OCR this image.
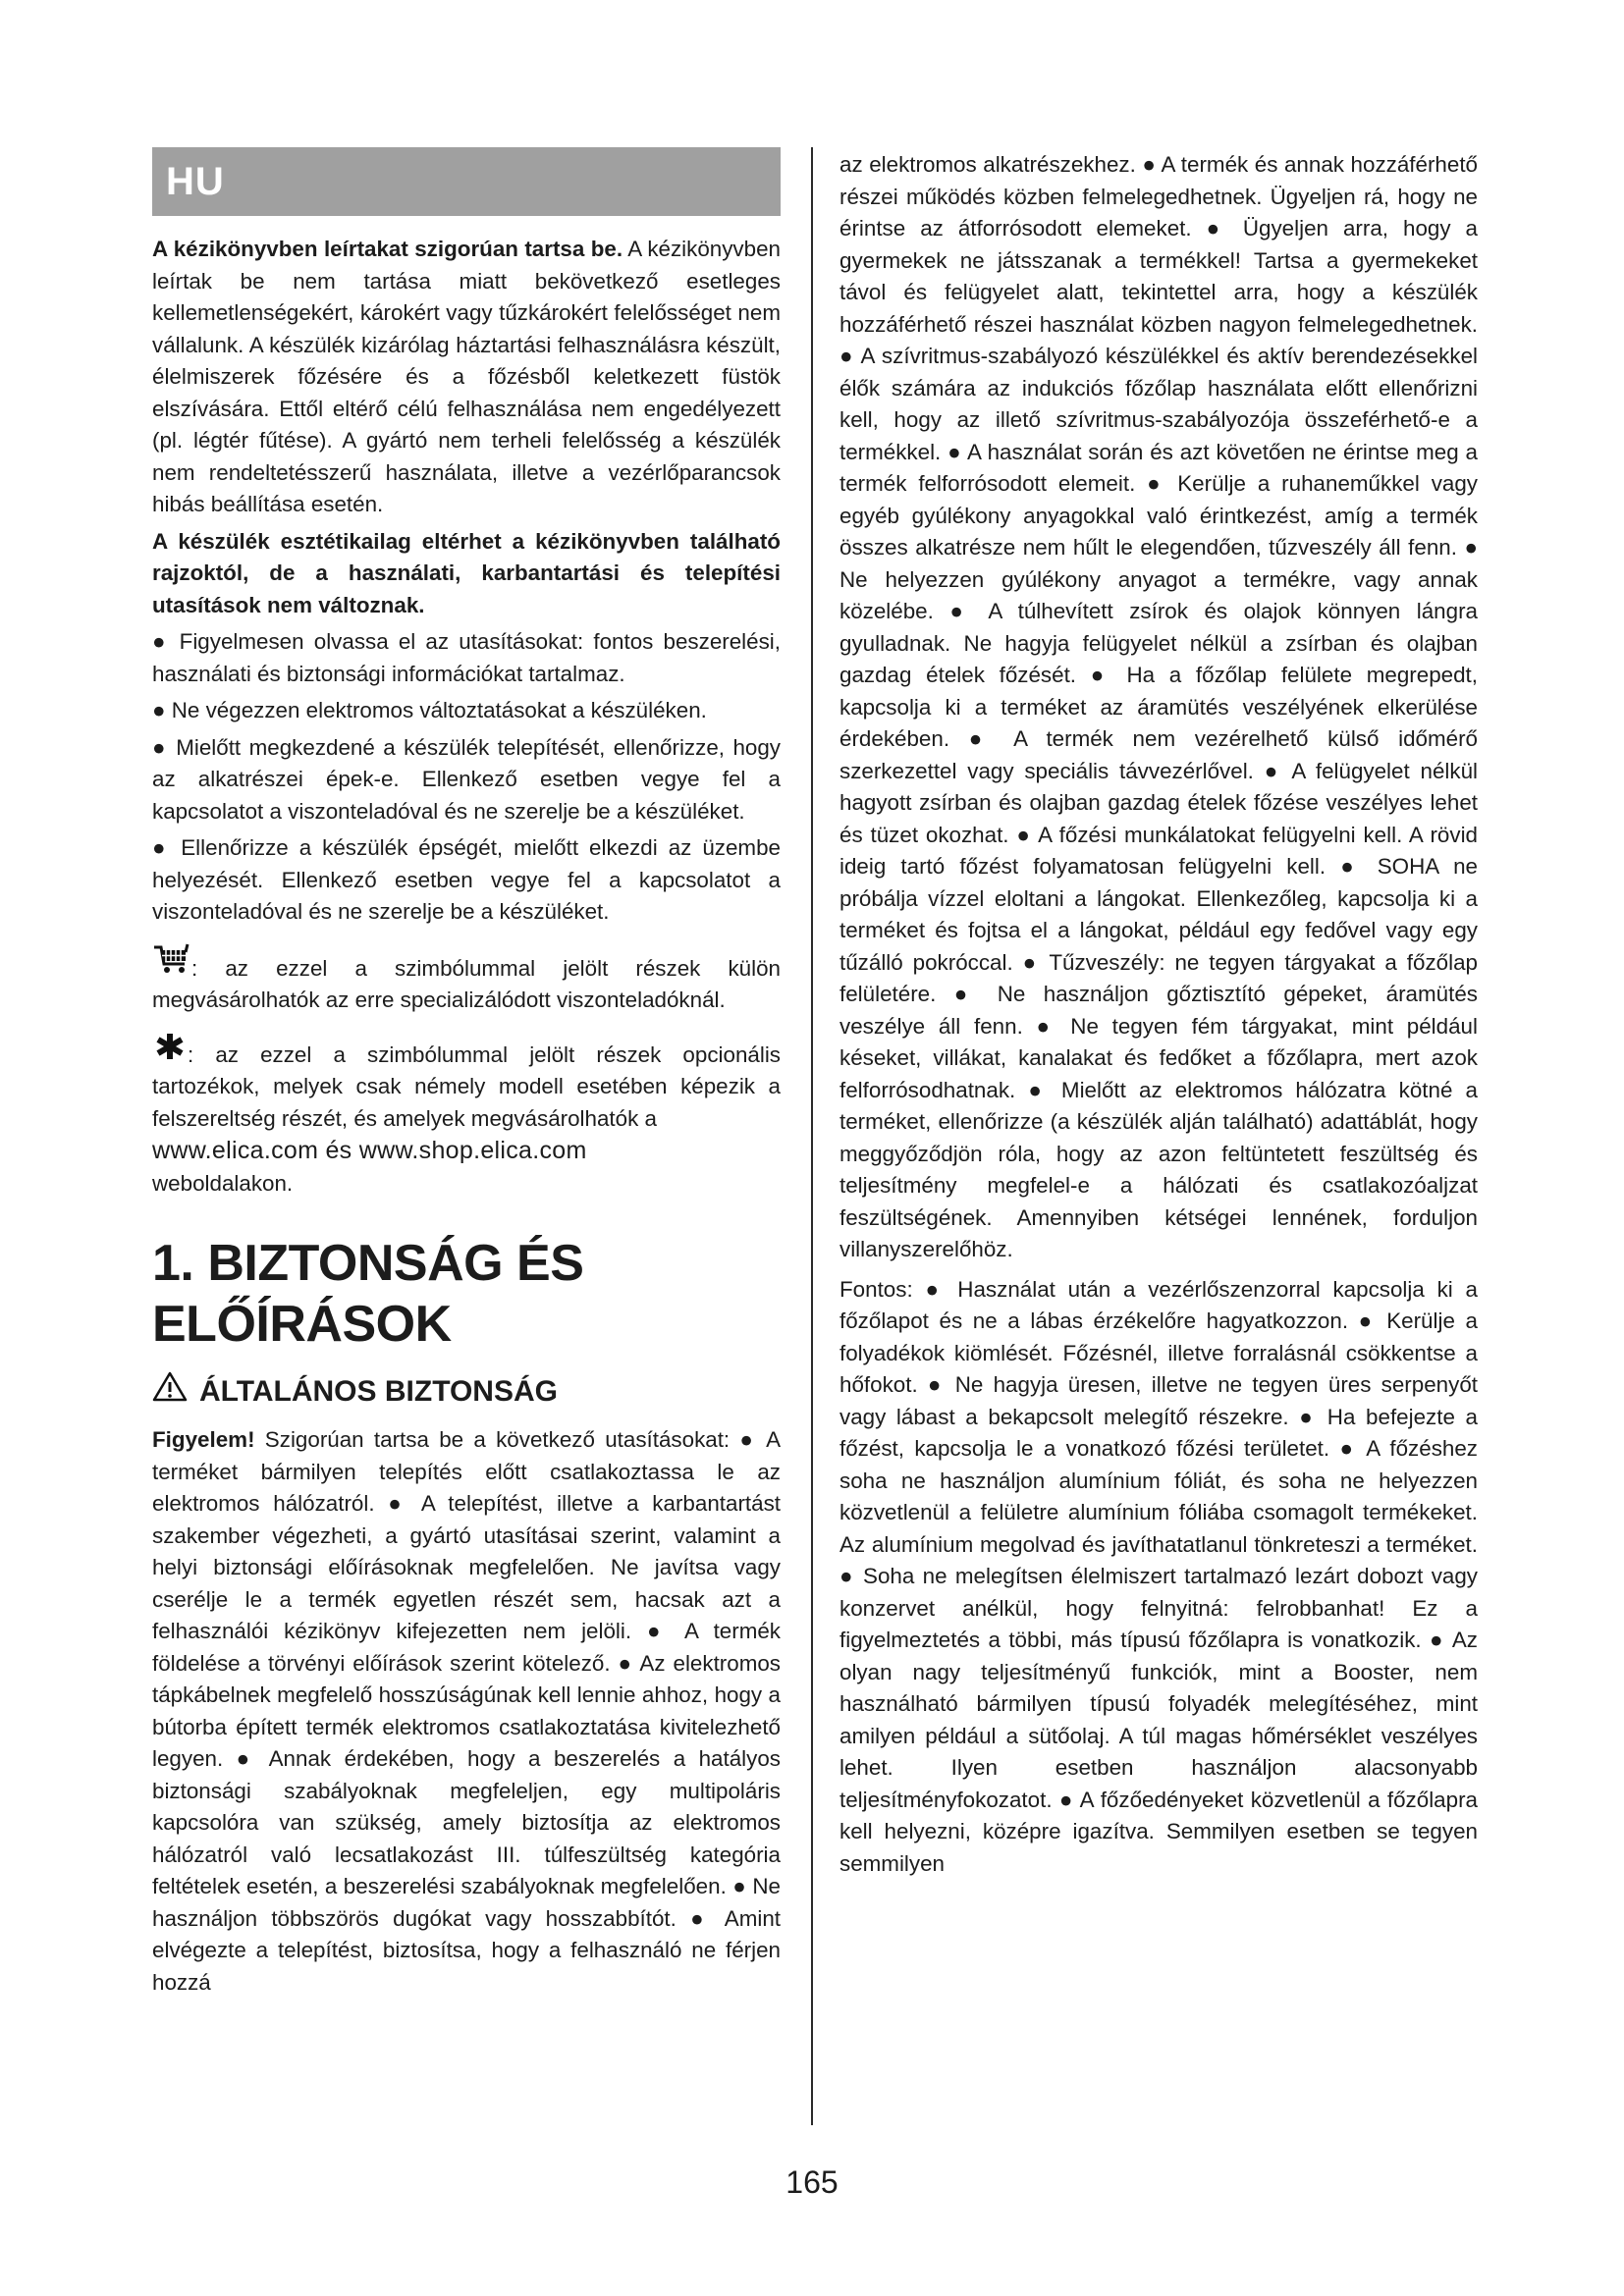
HU

A kézikönyvben leírtakat szigorúan tartsa be. A kézikönyvben leírtak be nem tartása miatt bekövetkező esetleges kellemetlenségekért, károkért vagy tűzkárokért felelősséget nem vállalunk. A készülék kizárólag háztartási felhasználásra készült, élelmiszerek főzésére és a főzésből keletkezett füstök elszívására. Ettől eltérő célú felhasználása nem engedélyezett (pl. légtér fűtése). A gyártó nem terheli felelősség a készülék nem rendeltetésszerű használata, illetve a vezérlőparancsok hibás beállítása esetén.

A készülék esztétikailag eltérhet a kézikönyvben található rajzoktól, de a használati, karbantartási és telepítési utasítások nem változnak.

● Figyelmesen olvassa el az utasításokat: fontos beszerelési, használati és biztonsági információkat tartalmaz.

● Ne végezzen elektromos változtatásokat a készüléken.

● Mielőtt megkezdené a készülék telepítését, ellenőrizze, hogy az alkatrészei épek-e. Ellenkező esetben vegye fel a kapcsolatot a viszonteladóval és ne szerelje be a készüléket.

● Ellenőrizze a készülék épségét, mielőtt elkezdi az üzembe helyezését. Ellenkező esetben vegye fel a kapcsolatot a viszonteladóval és ne szerelje be a készüléket.

: az ezzel a szimbólummal jelölt részek külön megvásárolhatók az erre specializálódott viszonteladóknál.

: az ezzel a szimbólummal jelölt részek opcionális tartozékok, melyek csak némely modell esetében képezik a felszereltség részét, és amelyek megvásárolhatók a
www.elica.com és www.shop.elica.com
weboldalakon.

1. BIZTONSÁG ÉS ELŐÍRÁSOK
ÁLTALÁNOS BIZTONSÁG

Figyelem! Szigorúan tartsa be a következő utasításokat: ● A terméket bármilyen telepítés előtt csatlakoztassa le az elektromos hálózatról. ● A telepítést, illetve a karbantartást szakember végezheti, a gyártó utasításai szerint, valamint a helyi biztonsági előírásoknak megfelelően. Ne javítsa vagy cserélje le a termék egyetlen részét sem, hacsak azt a felhasználói kézikönyv kifejezetten nem jelöli. ● A termék földelése a törvényi előírások szerint kötelező. ● Az elektromos tápkábelnek megfelelő hosszúságúnak kell lennie ahhoz, hogy a bútorba épített termék elektromos csatlakoztatása kivitelezhető legyen. ● Annak érdekében, hogy a beszerelés a hatályos biztonsági szabályoknak megfeleljen, egy multipoláris kapcsolóra van szükség, amely biztosítja az elektromos hálózatról való lecsatlakozást III. túlfeszültség kategória feltételek esetén, a beszerelési szabályoknak megfelelően. ● Ne használjon többszörös dugókat vagy hosszabbítót. ● Amint elvégezte a telepítést, biztosítsa, hogy a felhasználó ne férjen hozzá

az elektromos alkatrészekhez. ● A termék és annak hozzáférhető részei működés közben felmelegedhetnek. Ügyeljen rá, hogy ne érintse az átforrósodott elemeket. ● Ügyeljen arra, hogy a gyermekek ne játsszanak a termékkel! Tartsa a gyermekeket távol és felügyelet alatt, tekintettel arra, hogy a készülék hozzáférhető részei használat közben nagyon felmelegedhetnek. ● A szívritmus-szabályozó készülékkel és aktív berendezésekkel élők számára az indukciós főzőlap használata előtt ellenőrizni kell, hogy az illető szívritmus-szabályozója összeférhető-e a termékkel. ● A használat során és azt követően ne érintse meg a termék felforrósodott elemeit. ● Kerülje a ruhaneműkkel vagy egyéb gyúlékony anyagokkal való érintkezést, amíg a termék összes alkatrésze nem hűlt le elegendően, tűzveszély áll fenn. ● Ne helyezzen gyúlékony anyagot a termékre, vagy annak közelébe. ● A túlhevített zsírok és olajok könnyen lángra gyulladnak. Ne hagyja felügyelet nélkül a zsírban és olajban gazdag ételek főzését. ● Ha a főzőlap felülete megrepedt, kapcsolja ki a terméket az áramütés veszélyének elkerülése érdekében. ● A termék nem vezérelhető külső időmérő szerkezettel vagy speciális távvezérlővel. ● A felügyelet nélkül hagyott zsírban és olajban gazdag ételek főzése veszélyes lehet és tüzet okozhat. ● A főzési munkálatokat felügyelni kell. A rövid ideig tartó főzést folyamatosan felügyelni kell. ● SOHA ne próbálja vízzel eloltani a lángokat. Ellenkezőleg, kapcsolja ki a terméket és fojtsa el a lángokat, például egy fedővel vagy egy tűzálló pokróccal. ● Tűzveszély: ne tegyen tárgyakat a főzőlap felületére. ● Ne használjon gőztisztító gépeket, áramütés veszélye áll fenn. ● Ne tegyen fém tárgyakat, mint például késeket, villákat, kanalakat és fedőket a főzőlapra, mert azok felforrósodhatnak. ● Mielőtt az elektromos hálózatra kötné a terméket, ellenőrizze (a készülék alján található) adattáblát, hogy meggyőződjön róla, hogy az azon feltüntetett feszültség és teljesítmény megfelel-e a hálózati és csatlakozóaljzat feszültségének. Amennyiben kétségei lennének, forduljon villanyszerelőhöz.

Fontos: ● Használat után a vezérlőszenzorral kapcsolja ki a főzőlapot és ne a lábas érzékelőre hagyatkozzon. ● Kerülje a folyadékok kiömlését. Főzésnél, illetve forralásnál csökkentse a hőfokot. ● Ne hagyja üresen, illetve ne tegyen üres serpenyőt vagy lábast a bekapcsolt melegítő részekre. ● Ha befejezte a főzést, kapcsolja le a vonatkozó főzési területet. ● A főzéshez soha ne használjon alumínium fóliát, és soha ne helyezzen közvetlenül a felületre alumínium fóliába csomagolt termékeket. Az alumínium megolvad és javíthatatlanul tönkreteszi a terméket. ● Soha ne melegítsen élelmiszert tartalmazó lezárt dobozt vagy konzervet anélkül, hogy felnyitná: felrobbanhat! Ez a figyelmeztetés a többi, más típusú főzőlapra is vonatkozik. ● Az olyan nagy teljesítményű funkciók, mint a Booster, nem használható bármilyen típusú folyadék melegítéséhez, mint amilyen például a sütőolaj. A túl magas hőmérséklet veszélyes lehet. Ilyen esetben használjon alacsonyabb teljesítményfokozatot. ● A főzőedényeket közvetlenül a főzőlapra kell helyezni, középre igazítva. Semmilyen esetben se tegyen semmilyen

165
